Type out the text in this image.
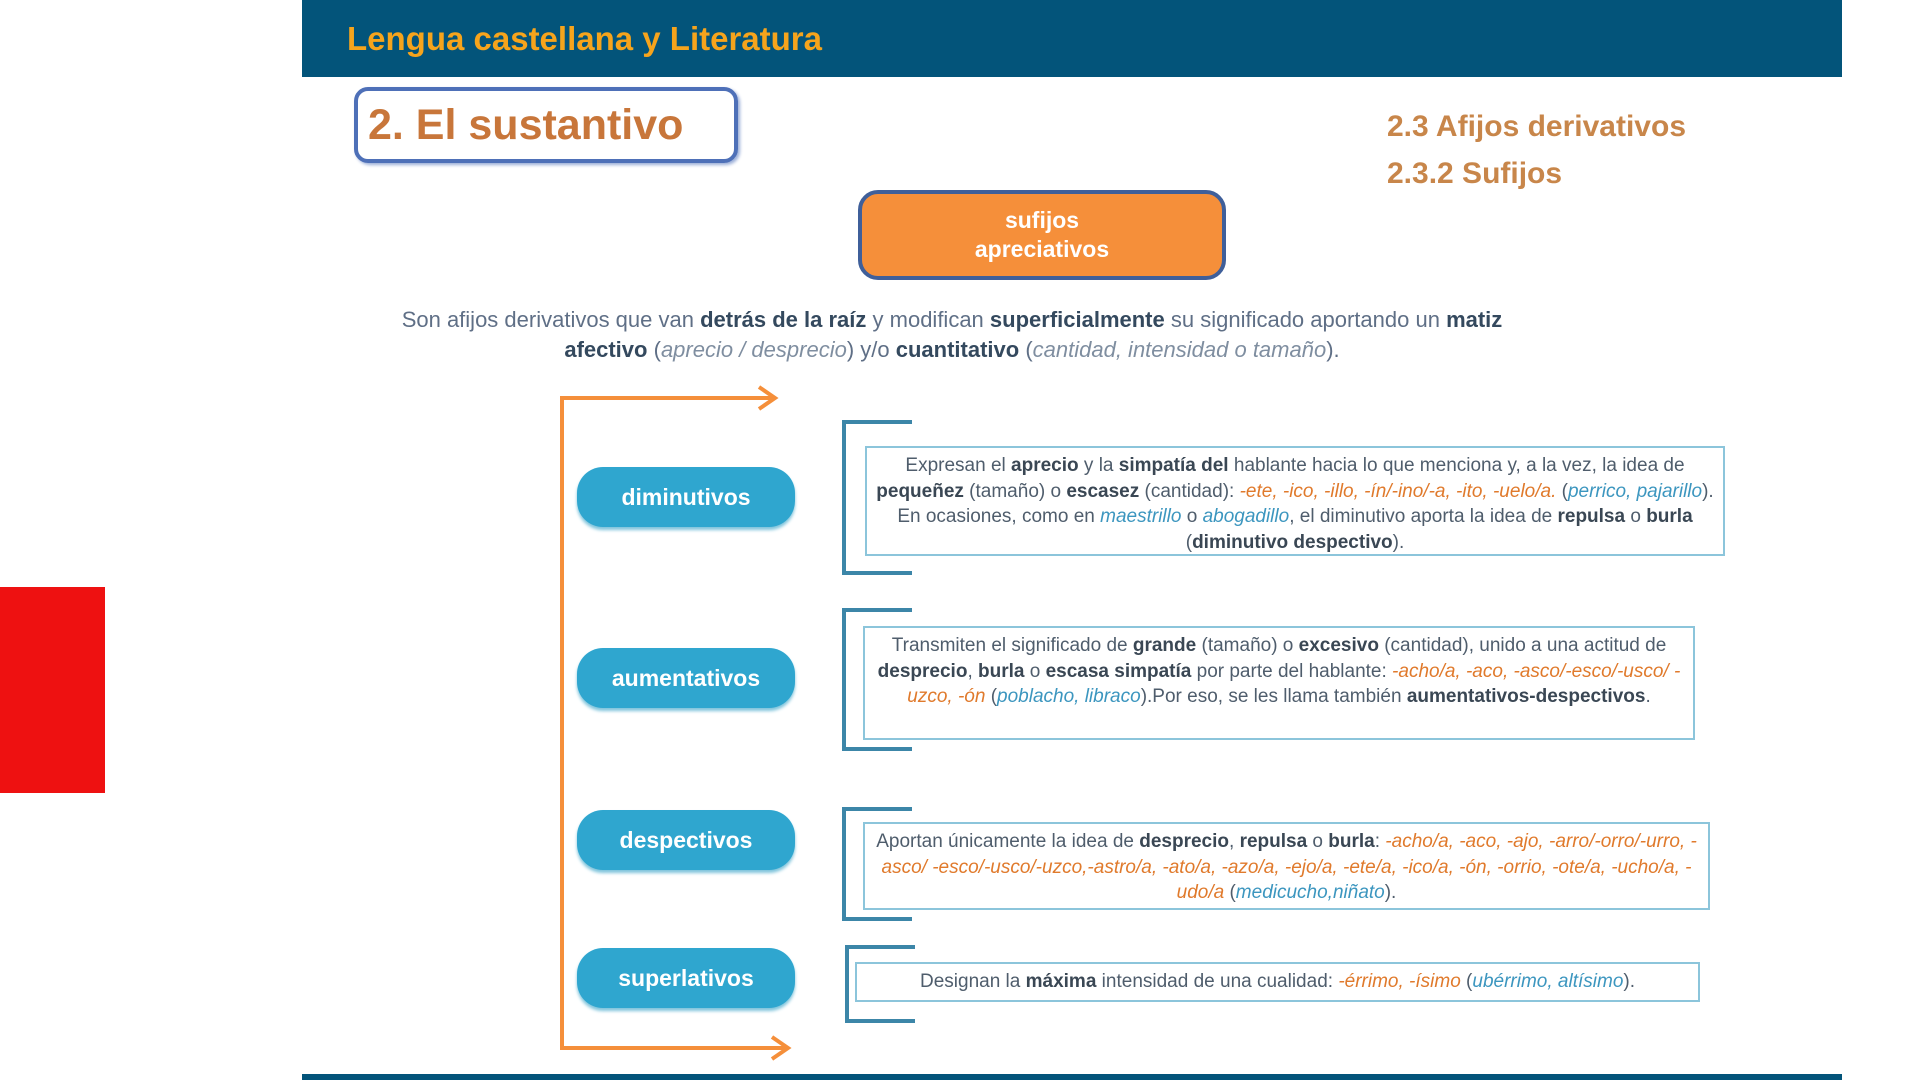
Lengua castellana y Literatura
2. El sustantivo	2.3 Afijos derivativos
2.3.2 Sufijos
sufijos
apreciativos
Son afijos derivativos que van detrás de la raíz y modifican superficialmente su significado aportando un matiz afectivo (aprecio / desprecio) y/o cuantitativo (cantidad, intensidad o tamaño).
diminutivos
aumentativos
despectivos
superlativos
Expresan el aprecio y la simpatía del hablante hacia lo que menciona y, a la vez, la idea de pequeñez (tamaño) o escasez (cantidad): -ete, -ico, -illo, -ín/-ino/-a, -ito, -uelo/a. (perrico, pajarillo). En ocasiones, como en maestrillo o abogadillo, el diminutivo aporta la idea de repulsa o burla (diminutivo despectivo).
Transmiten el significado de grande (tamaño) o excesivo (cantidad), unido a una actitud de desprecio, burla o escasa simpatía por parte del hablante: -acho/a, -aco, -asco/-esco/-usco/ -uzco, -ón (poblacho, libraco).Por eso, se les llama también aumentativos-despectivos.
Aportan únicamente la idea de desprecio, repulsa o burla: -acho/a, -aco, -ajo, -arro/-orro/-urro, -asco/ -esco/-usco/-uzco,-astro/a, -ato/a, -azo/a, -ejo/a, -ete/a, -ico/a, -ón, -orrio, -ote/a, -ucho/a, -udo/a (medicucho,niñato).
Designan la máxima intensidad de una cualidad: -érrimo, -ísimo (ubérrimo, altísimo).
